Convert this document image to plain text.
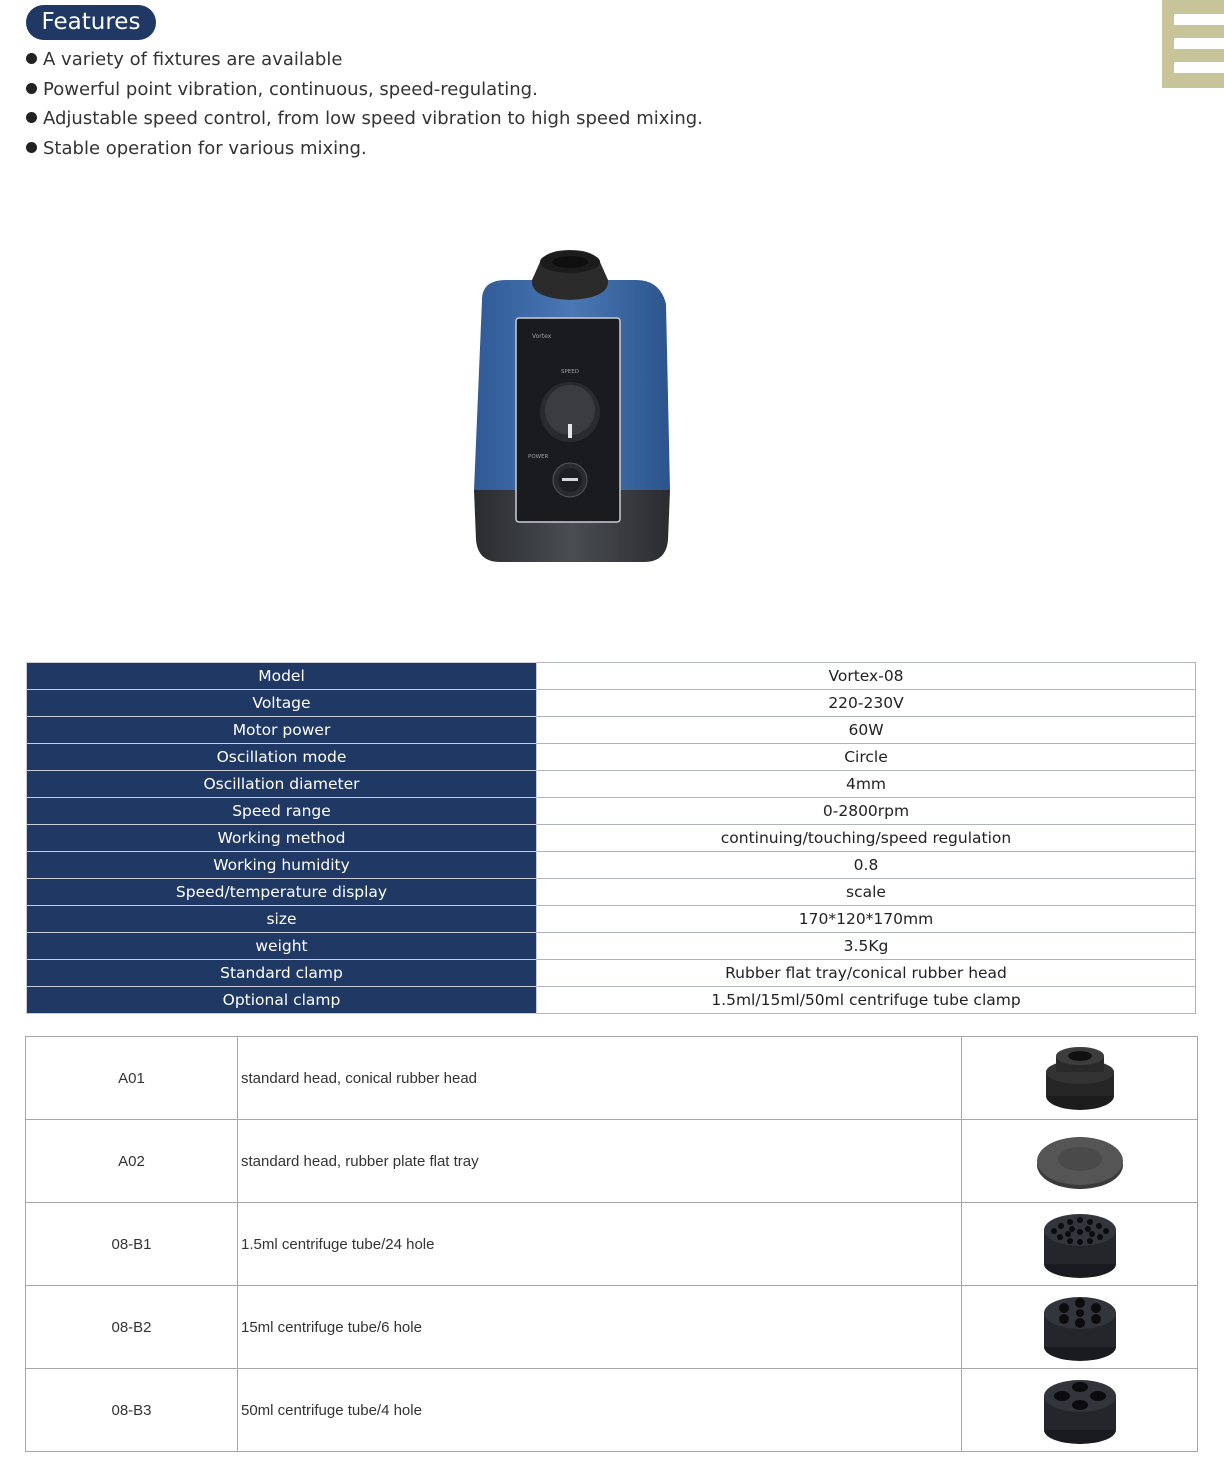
Features
A variety of fixtures are available
Powerful point vibration, continuous, speed-regulating.
Adjustable speed control, from low speed vibration to high speed mixing.
Stable operation for various mixing.
Vortex
SPEED
POWER
Model	Vortex-08
Voltage	220-230V
Motor power	60W
Oscillation mode	Circle
Oscillation diameter	4mm
Speed range	0-2800rpm
Working method	continuing/touching/speed regulation
Working humidity	0.8
Speed/temperature display	scale
size	170*120*170mm
weight	3.5Kg
Standard clamp	Rubber flat tray/conical rubber head
Optional clamp	1.5ml/15ml/50ml centrifuge tube clamp
A01	standard head, conical rubber head	

A02	standard head, rubber plate flat tray	

08-B1	1.5ml centrifuge tube/24 hole	

08-B2	15ml centrifuge tube/6 hole	

08-B3	50ml centrifuge tube/4 hole	
